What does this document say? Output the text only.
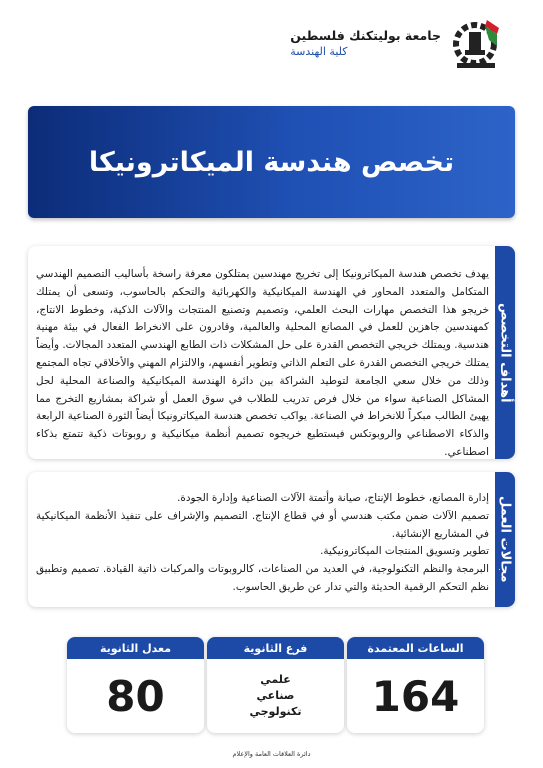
جامعة بوليتكنك فلسطين
كلية الهندسة
تخصص هندسة الميكاترونيكا
أهداف التخصص
يهدف تخصص هندسة الميكاترونيكا إلى تخريج مهندسين يمتلكون معرفة راسخة بأساليب التصميم الهندسي المتكامل والمتعدد المحاور في الهندسة الميكانيكية والكهربائية والتحكم بالحاسوب، وتسعى أن يمتلك خريجو هذا التخصص مهارات البحث العلمي، وتصميم وتصنيع المنتجات والآلات الذكية، وخطوط الانتاج، كمهندسين جاهزين للعمل في المصانع المحلية والعالمية، وقادرون على الانخراط الفعال في بيئة مهنية هندسية. ويمتلك خريجي التخصص القدرة على حل المشكلات ذات الطابع الهندسي المتعدد المجالات. وأيضاً يمتلك خريجي التخصص القدرة على التعلم الذاتي وتطوير أنفسهم، والالتزام المهني والأخلاقي تجاه المجتمع وذلك من خلال سعي الجامعة لتوطيد الشراكة بين دائرة الهندسة الميكانيكية والصناعة المحلية لحل المشاكل الصناعية سواء من خلال فرص تدريب للطلاب في سوق العمل أو شراكة بمشاريع التخرج مما يهيئ الطالب مبكراً للانخراط في الصناعة. يواكب تخصص هندسة الميكاترونيكا أيضاً الثورة الصناعية الرابعة والذكاء الاصطناعي والروبوتكس فيستطيع خريجوه تصميم أنظمة ميكانيكية و روبوتات ذكية تتمتع بذكاء اصطناعي.
مجالات العمل

إدارة المصانع، خطوط الإنتاج، صيانة وأتمتة الآلات الصناعية وإدارة الجودة.

تصميم الآلات ضمن مكتب هندسي أو في قطاع الإنتاج. التصميم والإشراف على تنفيذ الأنظمة الميكانيكية في المشاريع الإنشائية.

تطوير وتسويق المنتجات الميكاترونيكية.

البرمجة والنظم التكنولوجية، في العديد من الصناعات، كالروبوتات والمركبات ذاتية القيادة. تصميم وتطبيق نظم التحكم الرقمية الحديثة والتي تدار عن طريق الحاسوب.

الساعات المعتمدة
164
فرع الثانوية
علمي
صناعي
تكنولوجي
معدل الثانوية
80
دائرة العلاقات العامة والإعلام
